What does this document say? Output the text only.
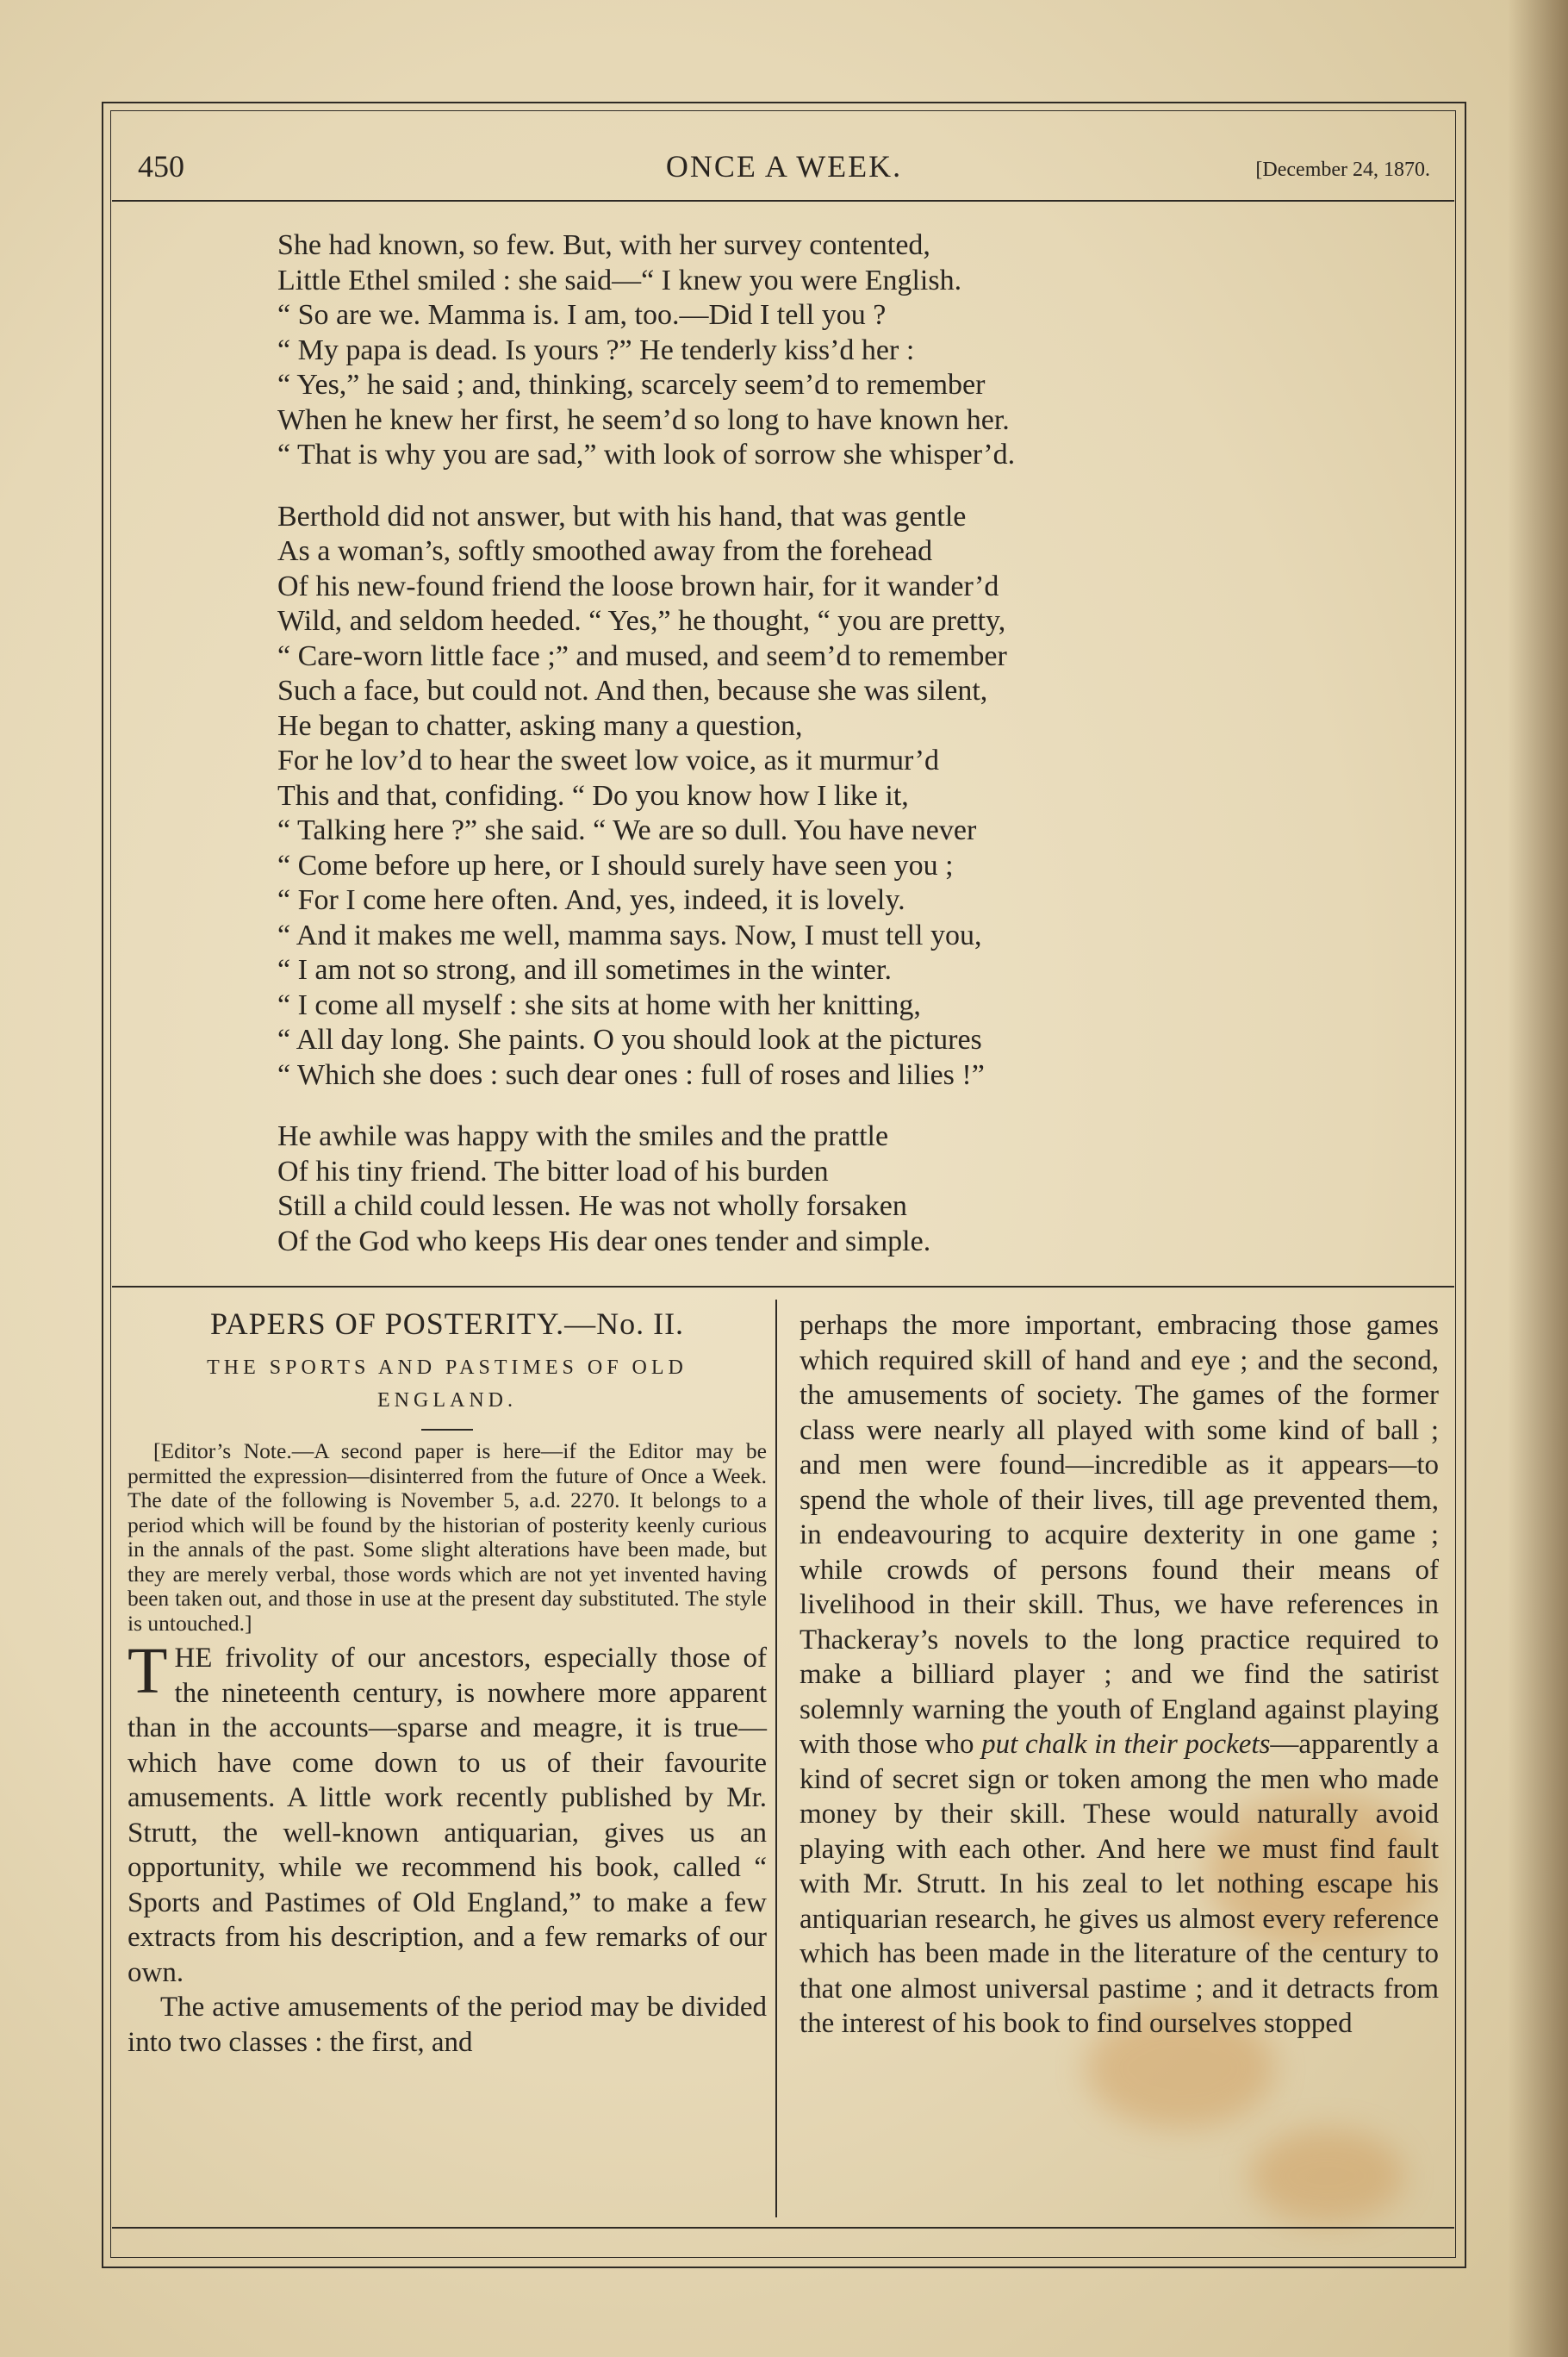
450	ONCE A WEEK.	[December 24, 1870.
She had known, so few. But, with her survey contented,
Little Ethel smiled : she said—“ I knew you were English.
“ So are we. Mamma is. I am, too.—Did I tell you ?
“ My papa is dead. Is yours ?” He tenderly kiss’d her :
“ Yes,” he said ; and, thinking, scarcely seem’d to remember
When he knew her first, he seem’d so long to have known her.
“ That is why you are sad,” with look of sorrow she whisper’d.
Berthold did not answer, but with his hand, that was gentle
As a woman’s, softly smoothed away from the forehead
Of his new-found friend the loose brown hair, for it wander’d
Wild, and seldom heeded. “ Yes,” he thought, “ you are pretty,
“ Care-worn little face ;” and mused, and seem’d to remember
Such a face, but could not. And then, because she was silent,
He began to chatter, asking many a question,
For he lov’d to hear the sweet low voice, as it murmur’d
This and that, confiding. “ Do you know how I like it,
“ Talking here ?” she said. “ We are so dull. You have never
“ Come before up here, or I should surely have seen you ;
“ For I come here often. And, yes, indeed, it is lovely.
“ And it makes me well, mamma says. Now, I must tell you,
“ I am not so strong, and ill sometimes in the winter.
“ I come all myself : she sits at home with her knitting,
“ All day long. She paints. O you should look at the pictures
“ Which she does : such dear ones : full of roses and lilies !”
He awhile was happy with the smiles and the prattle
Of his tiny friend. The bitter load of his burden
Still a child could lessen. He was not wholly forsaken
Of the God who keeps His dear ones tender and simple.
PAPERS OF POSTERITY.—No. II.
THE SPORTS AND PASTIMES OF OLD
ENGLAND.
[Editor’s Note.—A second paper is here—if the Editor may be permitted the expression—disinterred from the future of Once a Week. The date of the following is November 5, a.d. 2270. It belongs to a period which will be found by the historian of posterity keenly curious in the annals of the past. Some slight alterations have been made, but they are merely verbal, those words which are not yet invented having been taken out, and those in use at the present day substituted. The style is untouched.]
THE frivolity of our ancestors, especially those of the nineteenth century, is nowhere more apparent than in the accounts—sparse and meagre, it is true—which have come down to us of their favourite amusements. A little work recently published by Mr. Strutt, the well-known antiquarian, gives us an opportunity, while we recommend his book, called “ Sports and Pastimes of Old England,” to make a few extracts from his description, and a few remarks of our own.
The active amusements of the period may be divided into two classes : the first, and
perhaps the more important, embracing those games which required skill of hand and eye ; and the second, the amusements of society. The games of the former class were nearly all played with some kind of ball ; and men were found—incredible as it appears—to spend the whole of their lives, till age prevented them, in endeavouring to acquire dexterity in one game ; while crowds of persons found their means of livelihood in their skill. Thus, we have references in Thackeray’s novels to the long practice required to make a billiard player ; and we find the satirist solemnly warning the youth of England against playing with those who put chalk in their pockets—apparently a kind of secret sign or token among the men who made money by their skill. These would naturally avoid playing with each other. And here we must find fault with Mr. Strutt. In his zeal to let nothing escape his antiquarian research, he gives us almost every reference which has been made in the literature of the century to that one almost universal pastime ; and it detracts from the interest of his book to find ourselves stopped
